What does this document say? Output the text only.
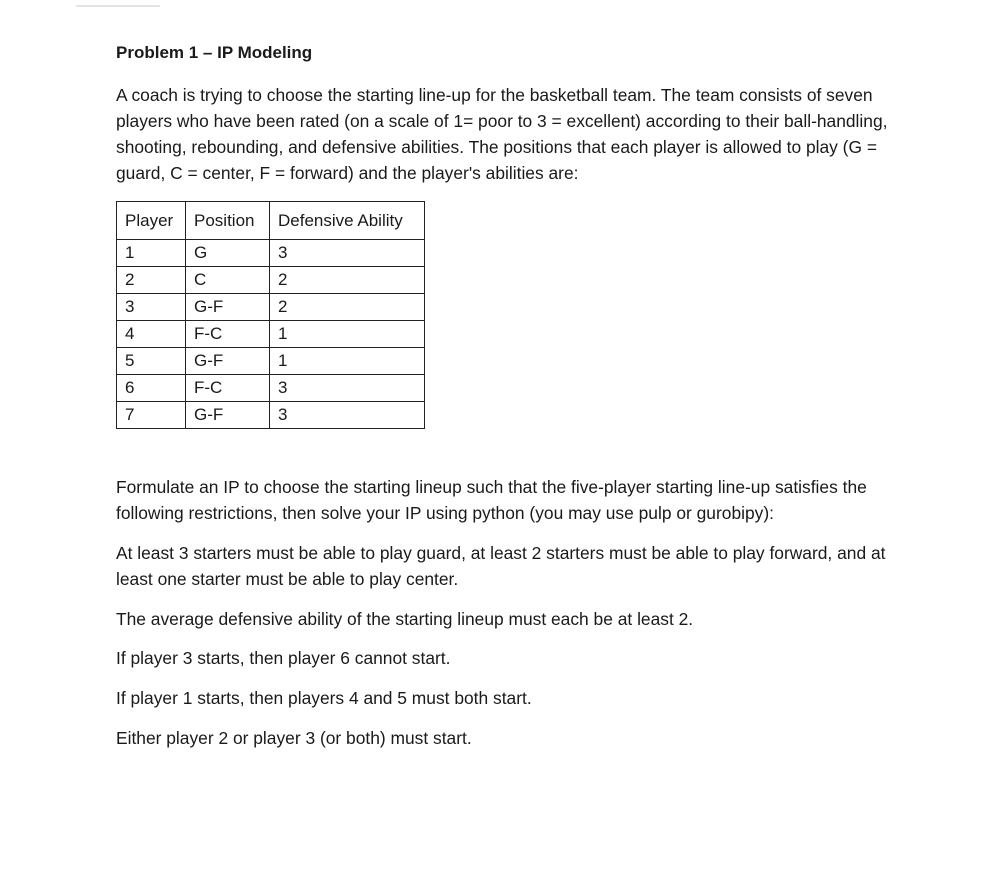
Problem 1 – IP Modeling

A coach is trying to choose the starting line-up for the basketball team. The team consists of seven players who have been rated (on a scale of 1= poor to 3 = excellent) according to their ball-handling, shooting, rebounding, and defensive abilities. The positions that each player is allowed to play (G = guard, C = center, F = forward) and the player's abilities are:

Player	Position	Defensive Ability
1	G	3
2	C	2
3	G-F	2
4	F-C	1
5	G-F	1
6	F-C	3
7	G-F	3

Formulate an IP to choose the starting lineup such that the five-player starting line-up satisfies the following restrictions, then solve your IP using python (you may use pulp or gurobipy):

At least 3 starters must be able to play guard, at least 2 starters must be able to play forward, and at least one starter must be able to play center.

The average defensive ability of the starting lineup must each be at least 2.

If player 3 starts, then player 6 cannot start.

If player 1 starts, then players 4 and 5 must both start.

Either player 2 or player 3 (or both) must start.
